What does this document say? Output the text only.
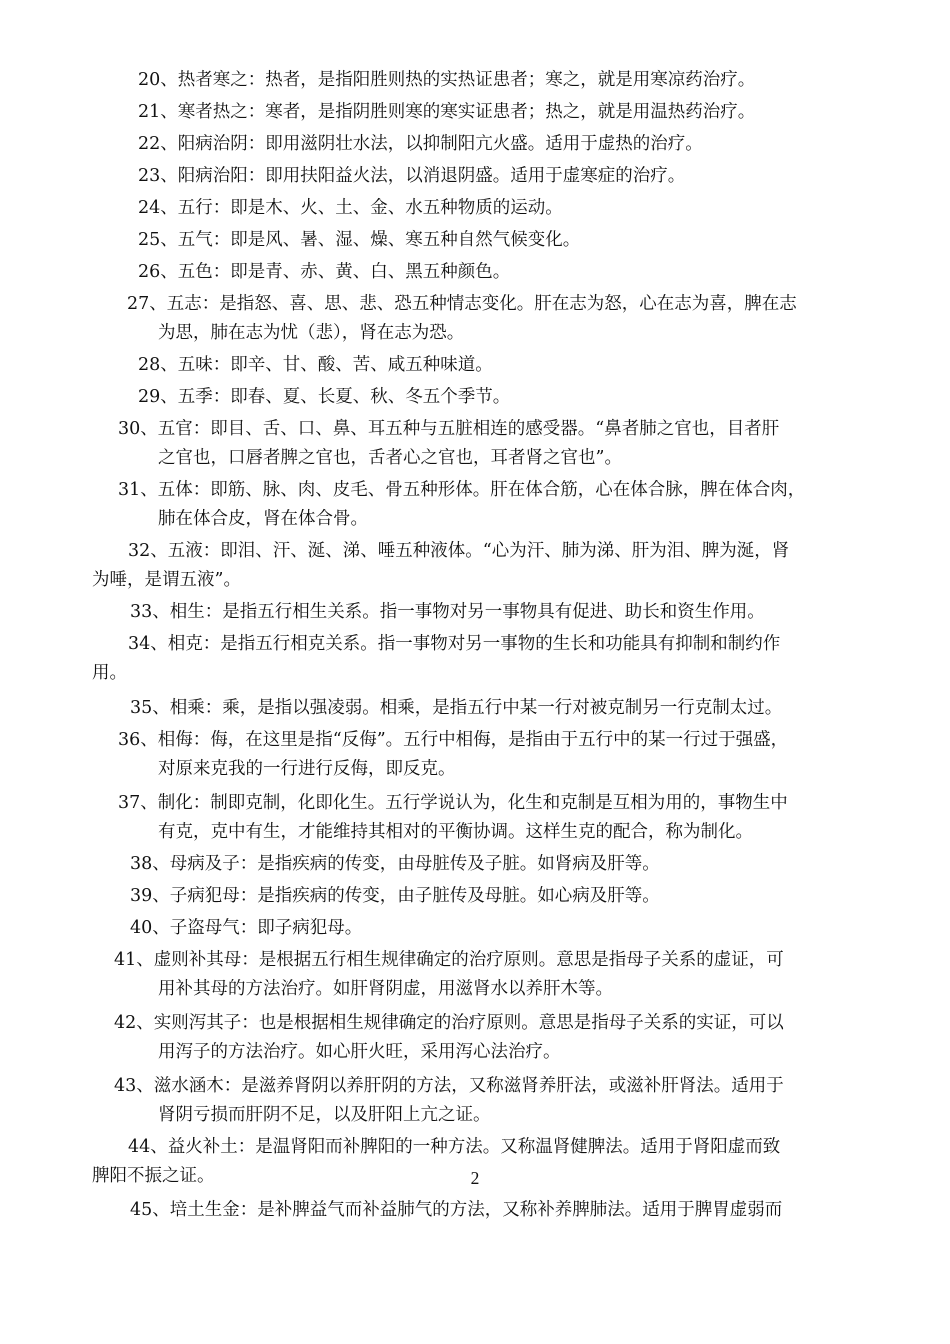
20、热者寒之：热者，是指阳胜则热的实热证患者；寒之，就是用寒凉药治疗。

21、寒者热之：寒者，是指阴胜则寒的寒实证患者；热之，就是用温热药治疗。

22、阳病治阴：即用滋阴壮水法，以抑制阳亢火盛。适用于虚热的治疗。

23、阳病治阳：即用扶阳益火法，以消退阴盛。适用于虚寒症的治疗。

24、五行：即是木、火、土、金、水五种物质的运动。

25、五气：即是风、暑、湿、燥、寒五种自然气候变化。

26、五色：即是青、赤、黄、白、黑五种颜色。

27、五志：是指怒、喜、思、悲、恐五种情志变化。肝在志为怒，心在志为喜，脾在志
为思，肺在志为忧（悲），肾在志为恐。

28、五味：即辛、甘、酸、苦、咸五种味道。

29、五季：即春、夏、长夏、秋、冬五个季节。

30、五官：即目、舌、口、鼻、耳五种与五脏相连的感受器。“鼻者肺之官也，目者肝
之官也，口唇者脾之官也，舌者心之官也，耳者肾之官也”。

31、五体：即筋、脉、肉、皮毛、骨五种形体。肝在体合筋，心在体合脉，脾在体合肉，
肺在体合皮，肾在体合骨。

32、五液：即泪、汗、涎、涕、唾五种液体。“心为汗、肺为涕、肝为泪、脾为涎，肾
为唾，是谓五液”。

33、相生：是指五行相生关系。指一事物对另一事物具有促进、助长和资生作用。

34、相克：是指五行相克关系。指一事物对另一事物的生长和功能具有抑制和制约作
用。

35、相乘：乘，是指以强凌弱。相乘，是指五行中某一行对被克制另一行克制太过。

36、相侮：侮，在这里是指“反侮”。五行中相侮，是指由于五行中的某一行过于强盛，
对原来克我的一行进行反侮，即反克。

37、制化：制即克制，化即化生。五行学说认为，化生和克制是互相为用的，事物生中
有克，克中有生，才能维持其相对的平衡协调。这样生克的配合，称为制化。

38、母病及子：是指疾病的传变，由母脏传及子脏。如肾病及肝等。

39、子病犯母：是指疾病的传变，由子脏传及母脏。如心病及肝等。

40、子盗母气：即子病犯母。

41、虚则补其母：是根据五行相生规律确定的治疗原则。意思是指母子关系的虚证，可
用补其母的方法治疗。如肝肾阴虚，用滋肾水以养肝木等。

42、实则泻其子：也是根据相生规律确定的治疗原则。意思是指母子关系的实证，可以
用泻子的方法治疗。如心肝火旺，采用泻心法治疗。

43、滋水涵木：是滋养肾阴以养肝阴的方法，又称滋肾养肝法，或滋补肝肾法。适用于
肾阴亏损而肝阴不足，以及肝阳上亢之证。

44、益火补土：是温肾阳而补脾阳的一种方法。又称温肾健脾法。适用于肾阳虚而致
脾阳不振之证。

45、培土生金：是补脾益气而补益肺气的方法，又称补养脾肺法。适用于脾胃虚弱而

2
